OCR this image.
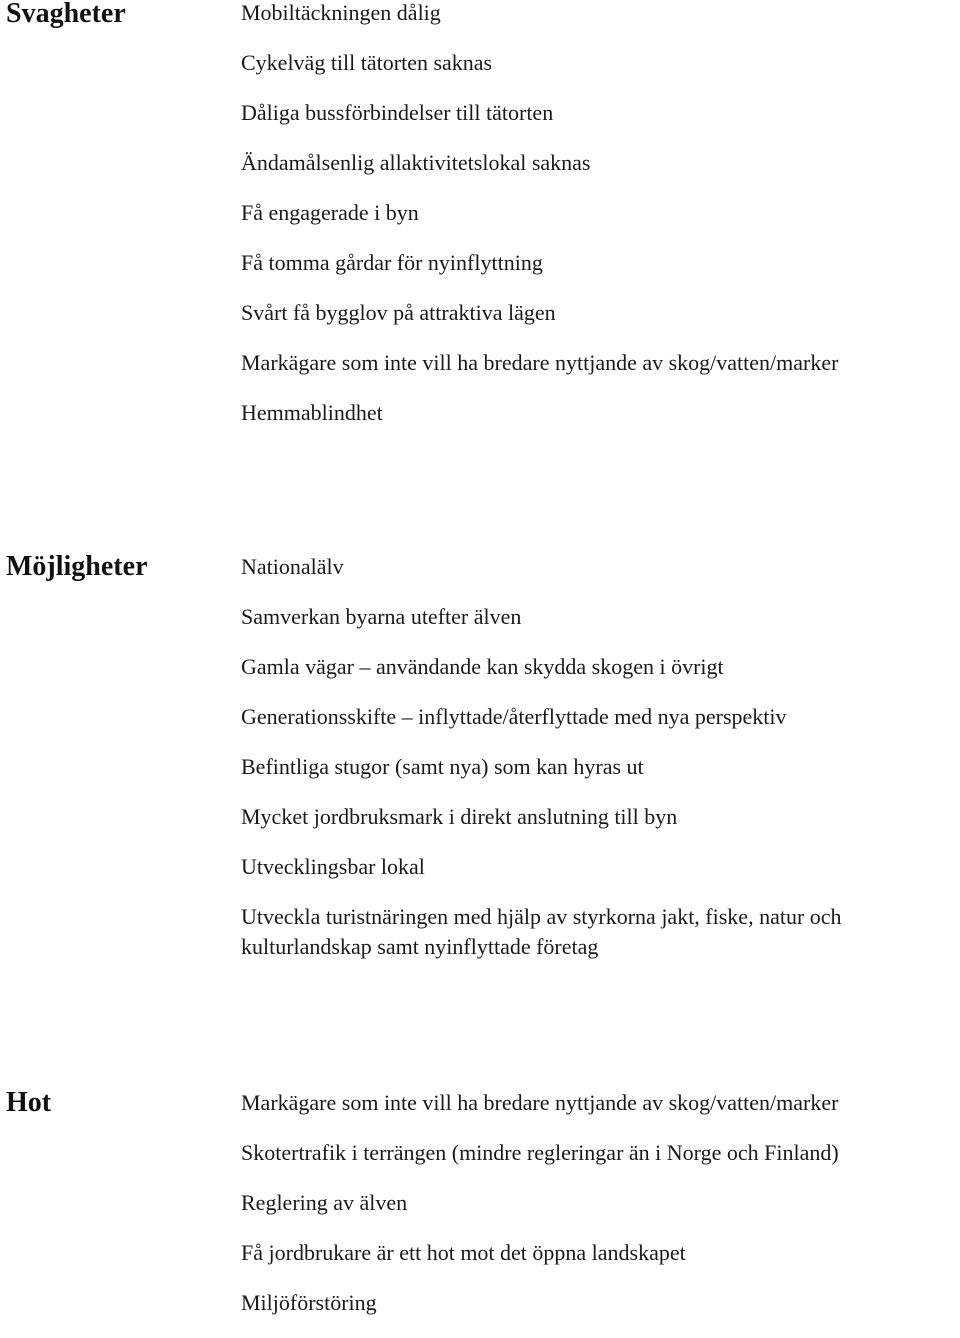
Svagheter	Mobiltäckningen dålig
Cykelväg till tätorten saknas
Dåliga bussförbindelser till tätorten
Ändamålsenlig allaktivitetslokal saknas
Få engagerade i byn
Få tomma gårdar för nyinflyttning
Svårt få bygglov på attraktiva lägen
Markägare som inte vill ha bredare nyttjande av skog/vatten/marker
Hemmablindhet
Möjligheter	Nationalälv
Samverkan byarna utefter älven
Gamla vägar – användande kan skydda skogen i övrigt
Generationsskifte – inflyttade/återflyttade med nya perspektiv
Befintliga stugor (samt nya) som kan hyras ut
Mycket jordbruksmark i direkt anslutning till byn
Utvecklingsbar lokal
Utveckla turistnäringen med hjälp av styrkorna jakt, fiske, natur och kulturlandskap samt nyinflyttade företag
Hot	Markägare som inte vill ha bredare nyttjande av skog/vatten/marker
Skotertrafik i terrängen (mindre regleringar än i Norge och Finland)
Reglering av älven
Få jordbrukare är ett hot mot det öppna landskapet
Miljöförstöring
